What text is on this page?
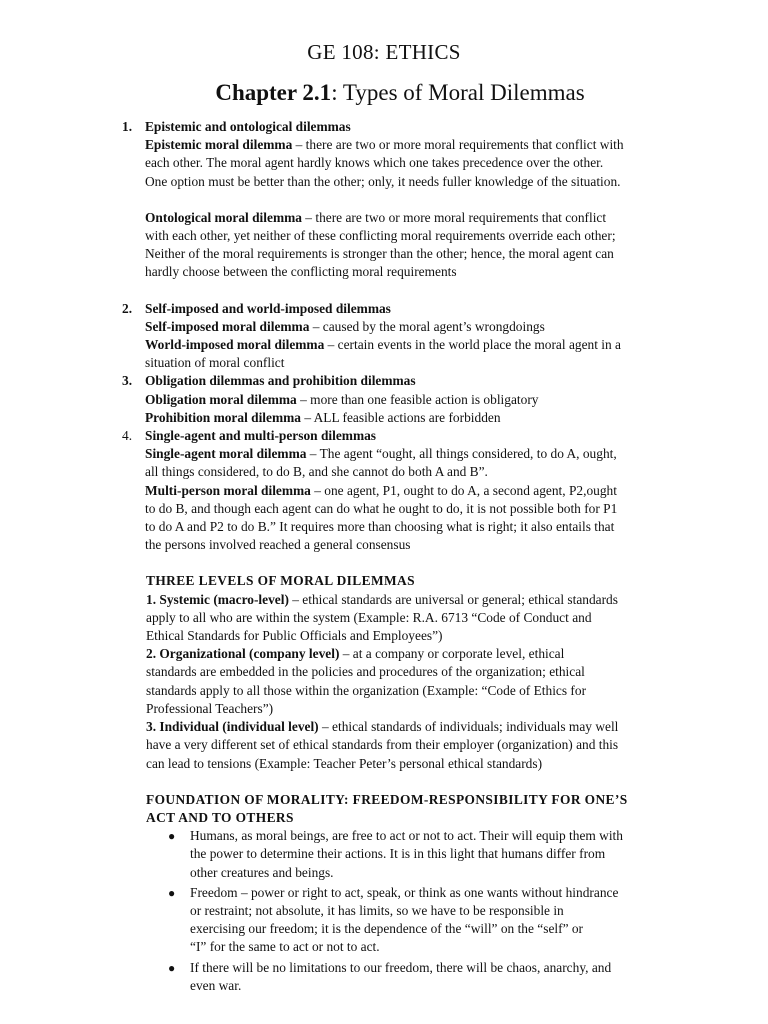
GE 108: ETHICS
Chapter 2.1: Types of Moral Dilemmas
1. Epistemic and ontological dilemmas
Epistemic moral dilemma – there are two or more moral requirements that conflict with
each other. The moral agent hardly knows which one takes precedence over the other.
One option must be better than the other; only, it needs fuller knowledge of the situation.
Ontological moral dilemma – there are two or more moral requirements that conflict
with each other, yet neither of these conflicting moral requirements override each other;
Neither of the moral requirements is stronger than the other; hence, the moral agent can
hardly choose between the conflicting moral requirements
2. Self-imposed and world-imposed dilemmas
Self-imposed moral dilemma – caused by the moral agent’s wrongdoings
World-imposed moral dilemma – certain events in the world place the moral agent in a
situation of moral conflict
3. Obligation dilemmas and prohibition dilemmas
Obligation moral dilemma – more than one feasible action is obligatory
Prohibition moral dilemma – ALL feasible actions are forbidden
4. Single-agent and multi-person dilemmas
Single-agent moral dilemma – The agent “ought, all things considered, to do A, ought,
all things considered, to do B, and she cannot do both A and B”.
Multi-person moral dilemma – one agent, P1, ought to do A, a second agent, P2,ought
to do B, and though each agent can do what he ought to do, it is not possible both for P1
to do A and P2 to do B.” It requires more than choosing what is right; it also entails that
the persons involved reached a general consensus
THREE LEVELS OF MORAL DILEMMAS
1. Systemic (macro-level) – ethical standards are universal or general; ethical standards
apply to all who are within the system (Example: R.A. 6713 “Code of Conduct and
Ethical Standards for Public Officials and Employees”)
2. Organizational (company level) – at a company or corporate level, ethical
standards are embedded in the policies and procedures of the organization; ethical
standards apply to all those within the organization (Example: “Code of Ethics for
Professional Teachers”)
3. Individual (individual level) – ethical standards of individuals; individuals may well
have a very different set of ethical standards from their employer (organization) and this
can lead to tensions (Example: Teacher Peter’s personal ethical standards)
FOUNDATION OF MORALITY: FREEDOM-RESPONSIBILITY FOR ONE’S
ACT AND TO OTHERS
● Humans, as moral beings, are free to act or not to act. Their will equip them with
the power to determine their actions. It is in this light that humans differ from
other creatures and beings.
● Freedom – power or right to act, speak, or think as one wants without hindrance
or restraint; not absolute, it has limits, so we have to be responsible in
exercising our freedom; it is the dependence of the “will” on the “self” or
“I” for the same to act or not to act.
● If there will be no limitations to our freedom, there will be chaos, anarchy, and
even war.
